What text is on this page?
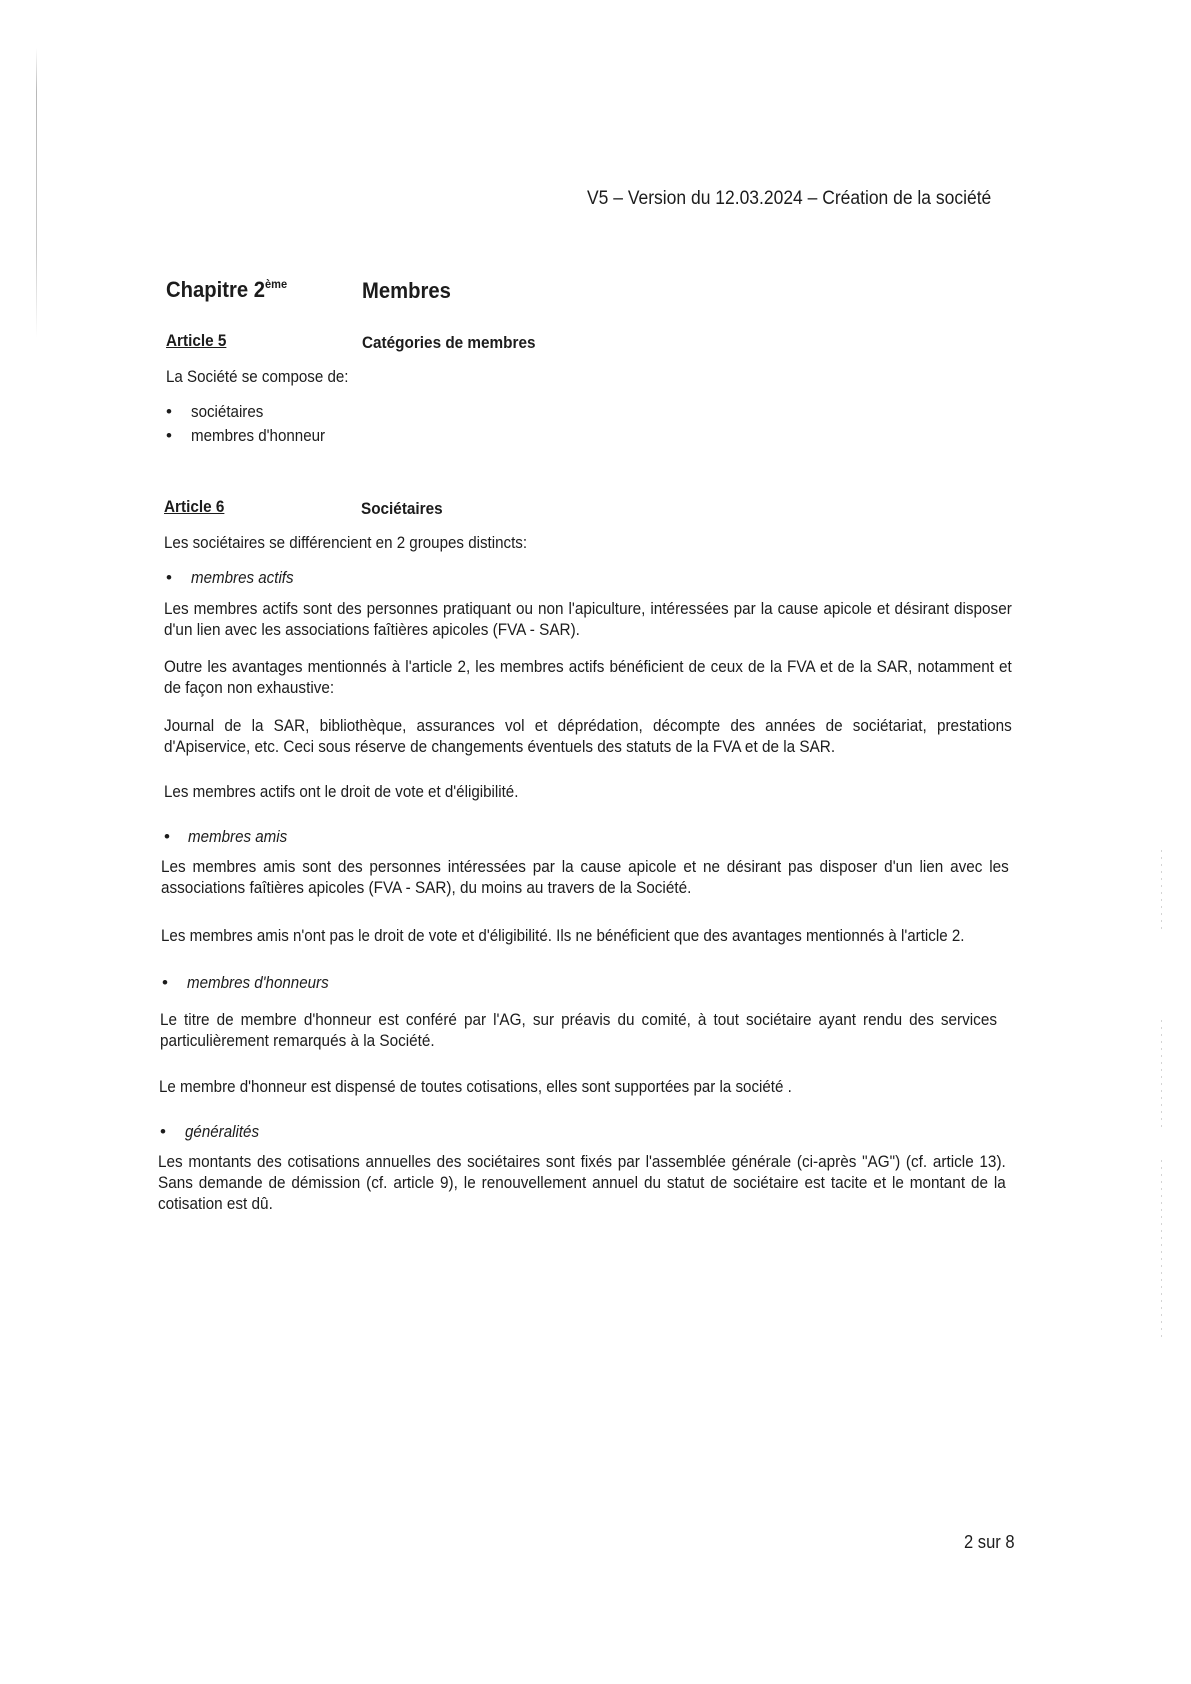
V5 – Version du 12.03.2024 – Création de la société
Chapitre 2ème	Membres
Article 5	Catégories de membres
La Société se compose de:
• sociétaires
• membres d'honneur
Article 6	Sociétaires
Les sociétaires se différencient en 2 groupes distincts:
• membres actifs
Les membres actifs sont des personnes pratiquant ou non l'apiculture, intéressées par la cause apicole et désirant disposer d'un lien avec les associations faîtières apicoles (FVA - SAR).
Outre les avantages mentionnés à l'article 2, les membres actifs bénéficient de ceux de la FVA et de la SAR, notamment et de façon non exhaustive:
Journal de la SAR, bibliothèque, assurances vol et déprédation, décompte des années de sociétariat, prestations d'Apiservice, etc. Ceci sous réserve de changements éventuels des statuts de la FVA et de la SAR.
Les membres actifs ont le droit de vote et d'éligibilité.
• membres amis
Les membres amis sont des personnes intéressées par la cause apicole et ne désirant pas disposer d'un lien avec les associations faîtières apicoles (FVA - SAR), du moins au travers de la Société.
Les membres amis n'ont pas le droit de vote et d'éligibilité. Ils ne bénéficient que des avantages mentionnés à l'article 2.
• membres d'honneurs
Le titre de membre d'honneur est conféré par l'AG, sur préavis du comité, à tout sociétaire ayant rendu des services particulièrement remarqués à la Société.
Le membre d'honneur est dispensé de toutes cotisations, elles sont supportées par la société .
• généralités
Les montants des cotisations annuelles des sociétaires sont fixés par l'assemblée générale (ci-après "AG") (cf. article 13). Sans demande de démission (cf. article 9), le renouvellement annuel du statut de sociétaire est tacite et le montant de la cotisation est dû.
2 sur 8
